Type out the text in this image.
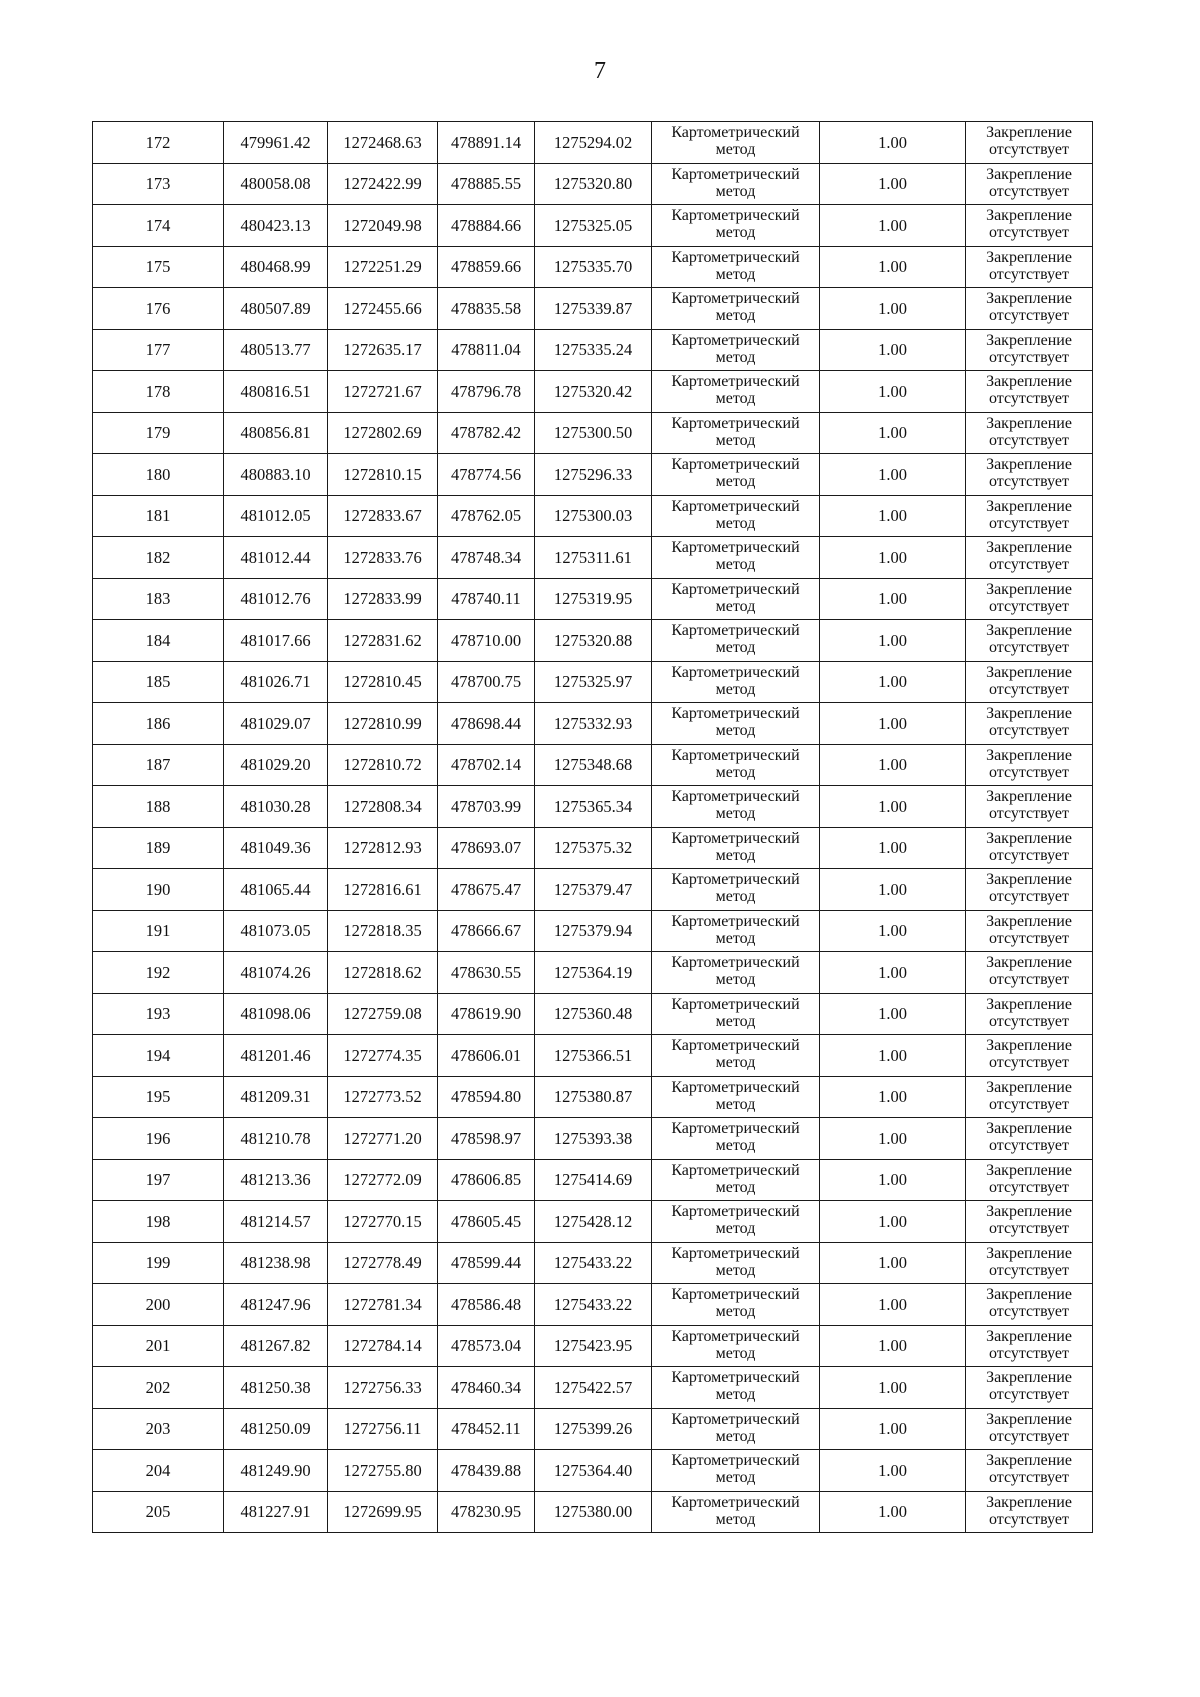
7
172	479961.42	1272468.63	478891.14	1275294.02	Картометрический
метод	1.00	Закрепление
отсутствует

173	480058.08	1272422.99	478885.55	1275320.80	Картометрический
метод	1.00	Закрепление
отсутствует

174	480423.13	1272049.98	478884.66	1275325.05	Картометрический
метод	1.00	Закрепление
отсутствует

175	480468.99	1272251.29	478859.66	1275335.70	Картометрический
метод	1.00	Закрепление
отсутствует

176	480507.89	1272455.66	478835.58	1275339.87	Картометрический
метод	1.00	Закрепление
отсутствует

177	480513.77	1272635.17	478811.04	1275335.24	Картометрический
метод	1.00	Закрепление
отсутствует

178	480816.51	1272721.67	478796.78	1275320.42	Картометрический
метод	1.00	Закрепление
отсутствует

179	480856.81	1272802.69	478782.42	1275300.50	Картометрический
метод	1.00	Закрепление
отсутствует

180	480883.10	1272810.15	478774.56	1275296.33	Картометрический
метод	1.00	Закрепление
отсутствует

181	481012.05	1272833.67	478762.05	1275300.03	Картометрический
метод	1.00	Закрепление
отсутствует

182	481012.44	1272833.76	478748.34	1275311.61	Картометрический
метод	1.00	Закрепление
отсутствует

183	481012.76	1272833.99	478740.11	1275319.95	Картометрический
метод	1.00	Закрепление
отсутствует

184	481017.66	1272831.62	478710.00	1275320.88	Картометрический
метод	1.00	Закрепление
отсутствует

185	481026.71	1272810.45	478700.75	1275325.97	Картометрический
метод	1.00	Закрепление
отсутствует

186	481029.07	1272810.99	478698.44	1275332.93	Картометрический
метод	1.00	Закрепление
отсутствует

187	481029.20	1272810.72	478702.14	1275348.68	Картометрический
метод	1.00	Закрепление
отсутствует

188	481030.28	1272808.34	478703.99	1275365.34	Картометрический
метод	1.00	Закрепление
отсутствует

189	481049.36	1272812.93	478693.07	1275375.32	Картометрический
метод	1.00	Закрепление
отсутствует

190	481065.44	1272816.61	478675.47	1275379.47	Картометрический
метод	1.00	Закрепление
отсутствует

191	481073.05	1272818.35	478666.67	1275379.94	Картометрический
метод	1.00	Закрепление
отсутствует

192	481074.26	1272818.62	478630.55	1275364.19	Картометрический
метод	1.00	Закрепление
отсутствует

193	481098.06	1272759.08	478619.90	1275360.48	Картометрический
метод	1.00	Закрепление
отсутствует

194	481201.46	1272774.35	478606.01	1275366.51	Картометрический
метод	1.00	Закрепление
отсутствует

195	481209.31	1272773.52	478594.80	1275380.87	Картометрический
метод	1.00	Закрепление
отсутствует

196	481210.78	1272771.20	478598.97	1275393.38	Картометрический
метод	1.00	Закрепление
отсутствует

197	481213.36	1272772.09	478606.85	1275414.69	Картометрический
метод	1.00	Закрепление
отсутствует

198	481214.57	1272770.15	478605.45	1275428.12	Картометрический
метод	1.00	Закрепление
отсутствует

199	481238.98	1272778.49	478599.44	1275433.22	Картометрический
метод	1.00	Закрепление
отсутствует

200	481247.96	1272781.34	478586.48	1275433.22	Картометрический
метод	1.00	Закрепление
отсутствует

201	481267.82	1272784.14	478573.04	1275423.95	Картометрический
метод	1.00	Закрепление
отсутствует

202	481250.38	1272756.33	478460.34	1275422.57	Картометрический
метод	1.00	Закрепление
отсутствует

203	481250.09	1272756.11	478452.11	1275399.26	Картометрический
метод	1.00	Закрепление
отсутствует

204	481249.90	1272755.80	478439.88	1275364.40	Картометрический
метод	1.00	Закрепление
отсутствует

205	481227.91	1272699.95	478230.95	1275380.00	Картометрический
метод	1.00	Закрепление
отсутствует
